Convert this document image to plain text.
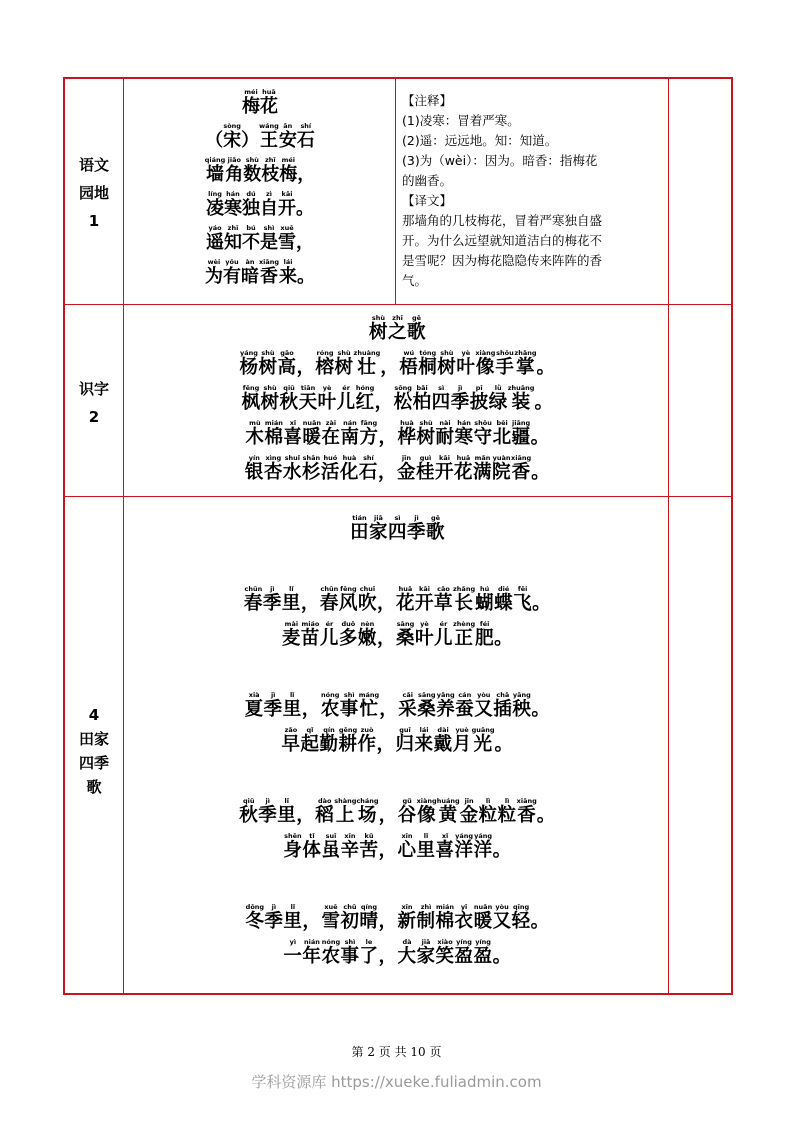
语文
园地
1
识字
2
4
田家
四季
歌
梅méi花huā
（ 宋sòng） 王wáng安ān石shí
墙qiáng角jiǎo数shù枝zhī梅méi，
凌líng寒hán独dú自zì开kāi。
遥yáo知zhī不bú是shì雪xuě，
为wèi有yǒu暗àn香xiāng来lái。
【注释】
(1)凌寒：冒着严寒。
(2)遥：远远地。知：知道。
(3)为（wèi）：因为。暗香：指梅花
的幽香。
【译文】
那墙角的几枝梅花，冒着严寒独自盛
开。为什么远望就知道洁白的梅花不
是雪呢？因为梅花隐隐传来阵阵的香
气。
树shù之zhī歌gē
杨yáng树shù高gāo， 榕róng树shù壮zhuàng， 梧wú桐tóng树shù叶yè像xiàng手shǒu掌zhǎng。
枫fēng树shù秋qiū天tiān叶yè儿ér红hóng， 松sōng柏bǎi四sì季jì披pī绿lǜ装zhuāng。
木mù棉mián喜xǐ暖nuǎn在zài南nán方fāng， 桦huà树shù耐nài寒hán守shǒu北běi疆jiāng。
银yín杏xìng水shuǐ杉shān活huó化huà石shí， 金jīn桂guì开kāi花huā满mǎn院yuàn香xiāng。
田tián家jiā四sì季jì歌gē
春chūn季jì里lǐ， 春chūn风fēng吹chuī， 花huā开kāi草cǎo长zhǎng蝴hú蝶dié飞fēi。
麦mài苗miáo儿ér多duō嫩nèn， 桑sāng叶yè儿ér正zhèng肥féi。
夏xià季jì里lǐ， 农nóng事shì忙máng， 采cǎi桑sāng养yǎng蚕cán又yòu插chā秧yāng。
早zǎo起qǐ勤qín耕gēng作zuò， 归guī来lái戴dài月yuè光guāng。
秋qiū季jì里lǐ， 稻dào上shàng场cháng， 谷gǔ像xiàng黄huáng金jīn粒lì粒lì香xiāng。
身shēn体tǐ虽suī辛xīn苦kǔ， 心xīn里lǐ喜xǐ洋yáng洋yáng。
冬dōng季jì里lǐ， 雪xuě初chū晴qíng， 新xīn制zhì棉mián衣yī暖nuǎn又yòu轻qīng。
一yì年nián农nóng事shì了le， 大dà家jiā笑xiào盈yíng盈yíng。
第 2 页 共 10 页
学科资源库 https://xueke.fuliadmin.com
